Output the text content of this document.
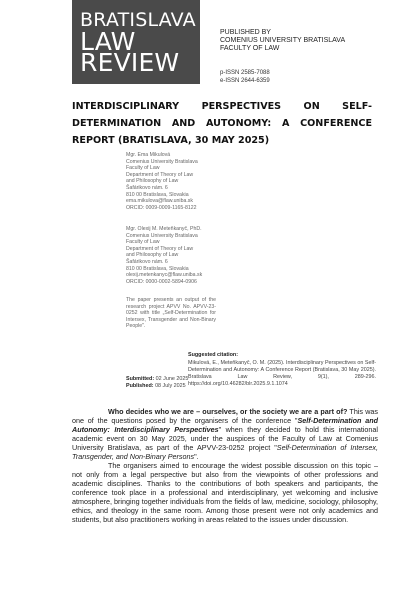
BRATISLAVA
LAW
REVIEW
PUBLISHED BY
COMENIUS UNIVERSITY BRATISLAVA
FACULTY OF LAW
p-ISSN 2585-7088
e-ISSN 2644-6359
INTERDISCIPLINARY PERSPECTIVES ON SELF-
DETERMINATION AND AUTONOMY: A CONFERENCE
REPORT (BRATISLAVA, 30 MAY 2025)
Mgr. Ema Mikulová
Comenius University Bratislava
Faculty of Law
Department of Theory of Law
and Philosophy of Law
Šafárikovo nám. 6
810 00 Bratislava, Slovakia
ema.mikulova@flaw.uniba.sk
ORCID: 0009-0009-1165-8122
Mgr. Olexij M. Meteňkanyč, PhD.
Comenius University Bratislava
Faculty of Law
Department of Theory of Law
and Philosophy of Law
Šafárikovo nám. 6
810 00 Bratislava, Slovakia
olexij.metenkanyc@flaw.uniba.sk
ORCID: 0000-0002-5894-0906
The paper presents an output of the research project APVV No. APVV-23-0252 with title „Self-Determination for Intersex, Transgender and Non-Binary People".
Submitted: 02 June 2025
Published: 08 July 2025
Suggested citation:
Mikulová, E., Meteňkanyč, O. M. (2025). Interdisciplinary Perspectives on Self-Determination and Autonomy: A Conference Report (Bratislava, 30 May 2025). Bratislava Law Review, 9(1), 289-296. https://doi.org/10.46282/blr.2025.9.1.1074

Who decides who we are – ourselves, or the society we are a part of? This was one of the questions posed by the organisers of the conference "Self-Determination and Autonomy: Interdisciplinary Perspectives" when they decided to hold this international academic event on 30 May 2025, under the auspices of the Faculty of Law at Comenius University Bratislava, as part of the APVV-23-0252 project "Self-Determination of Intersex, Transgender, and Non-Binary Persons".

The organisers aimed to encourage the widest possible discussion on this topic – not only from a legal perspective but also from the viewpoints of other professions and academic disciplines. Thanks to the contributions of both speakers and participants, the conference took place in a professional and interdisciplinary, yet welcoming and inclusive atmosphere, bringing together individuals from the fields of law, medicine, sociology, philosophy, ethics, and theology in the same room. Among those present were not only academics and students, but also practitioners working in areas related to the issues under discussion.
